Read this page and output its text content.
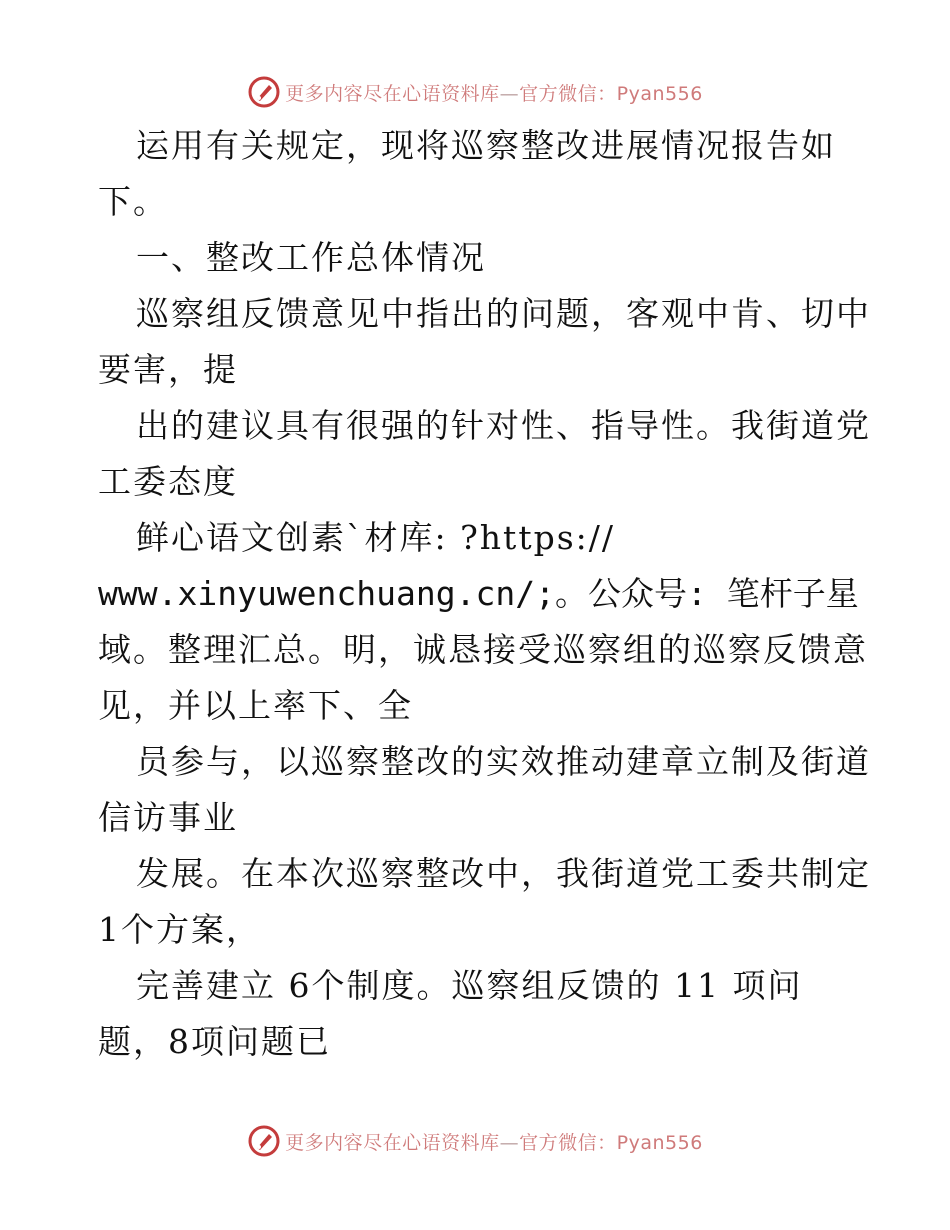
更多内容尽在心语资料库—官方微信：Pyan556
运用有关规定，现将巡察整改进展情况报告如
下。
一、整改工作总体情况
巡察组反馈意见中指出的问题，客观中肯、切中
要害，提
出的建议具有很强的针对性、指导性。我街道党
工委态度
鲜心语文创素`材库: ?https://
www.xinyuwenchuang.cn/;。公众号: 笔杆子星
域。整理汇总。明，诚恳接受巡察组的巡察反馈意
见，并以上率下、全
员参与，以巡察整改的实效推动建章立制及街道
信访事业
发展。在本次巡察整改中，我街道党工委共制定
1个方案，
完善建立 6个制度。巡察组反馈的 11 项问
题，8项问题已
更多内容尽在心语资料库—官方微信：Pyan556
